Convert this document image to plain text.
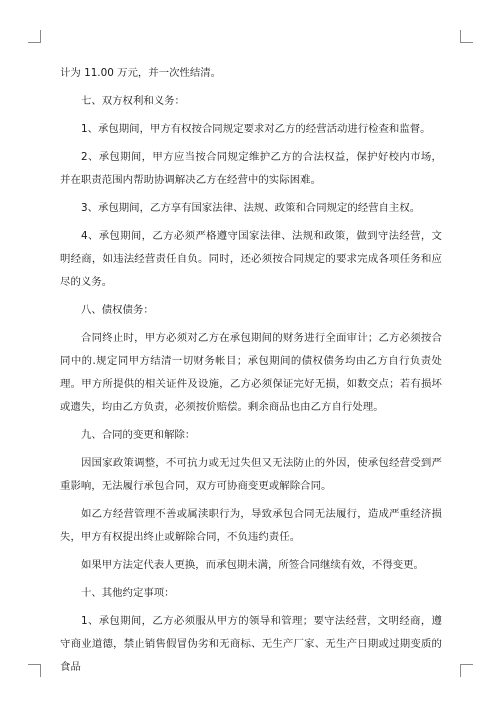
计为 11.00 万元，并一次性结清。

七、双方权利和义务：

1、承包期间，甲方有权按合同规定要求对乙方的经营活动进行检查和监督。

2、承包期间，甲方应当按合同规定维护乙方的合法权益，保护好校内市场，并在职责范围内帮助协调解决乙方在经营中的实际困难。

3、承包期间，乙方享有国家法律、法规、政策和合同规定的经营自主权。

4、承包期间，乙方必须严格遵守国家法律、法规和政策，做到守法经营，文明经商，如违法经营责任自负。同时，还必须按合同规定的要求完成各项任务和应尽的义务。

八、债权债务：

合同终止时，甲方必须对乙方在承包期间的财务进行全面审计；乙方必须按合同中的.规定同甲方结清一切财务帐目；承包期间的债权债务均由乙方自行负责处理。甲方所提供的相关证件及设施，乙方必须保证完好无损，如数交点；若有损坏或遗失，均由乙方负责，必须按价赔偿。剩余商品也由乙方自行处理。

九、合同的变更和解除：

因国家政策调整，不可抗力或无过失但又无法防止的外因，使承包经营受到严重影响，无法履行承包合同，双方可协商变更或解除合同。

如乙方经营管理不善或属渎职行为，导致承包合同无法履行，造成严重经济损失，甲方有权提出终止或解除合同，不负违约责任。

如果甲方法定代表人更换，而承包期未满，所签合同继续有效，不得变更。

十、其他约定事项：

1、承包期间，乙方必须服从甲方的领导和管理；要守法经营，文明经商，遵守商业道德，禁止销售假冒伪劣和无商标、无生产厂家、无生产日期或过期变质的食品
